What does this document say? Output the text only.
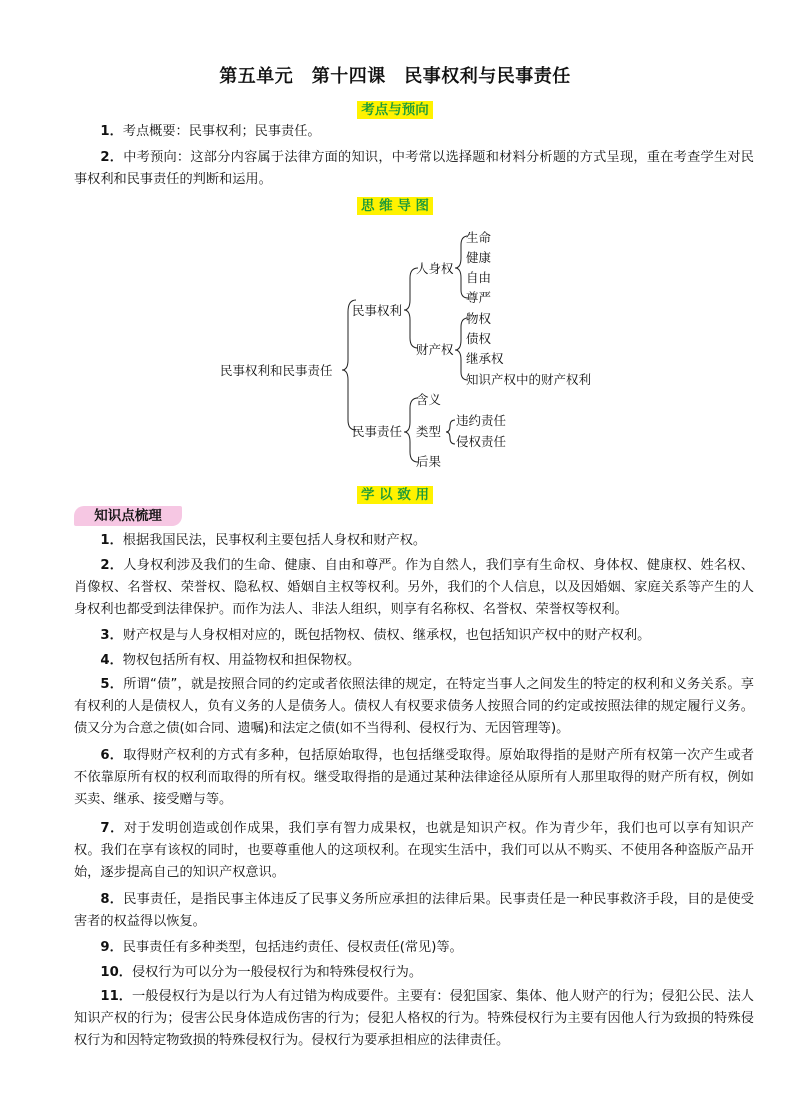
第五单元　第十四课　民事权利与民事责任
考点与预向

1．考点概要：民事权利；民事责任。

2．中考预向：这部分内容属于法律方面的知识，中考常以选择题和材料分析题的方式呈现，重在考查学生对民事权利和民事责任的判断和运用。

思 维 导 图
民事权利和民事责任
民事权利
人身权
生命
健康
自由
尊严
财产权
物权
债权
继承权
知识产权中的财产权利
民事责任
含义
类型
违约责任
侵权责任
后果
学 以 致 用
知识点梳理

1．根据我国民法，民事权利主要包括人身权和财产权。

2．人身权利涉及我们的生命、健康、自由和尊严。作为自然人，我们享有生命权、身体权、健康权、姓名权、肖像权、名誉权、荣誉权、隐私权、婚姻自主权等权利。另外，我们的个人信息，以及因婚姻、家庭关系等产生的人身权利也都受到法律保护。而作为法人、非法人组织，则享有名称权、名誉权、荣誉权等权利。

3．财产权是与人身权相对应的，既包括物权、债权、继承权，也包括知识产权中的财产权利。

4．物权包括所有权、用益物权和担保物权。

5．所谓“债”，就是按照合同的约定或者依照法律的规定，在特定当事人之间发生的特定的权利和义务关系。享有权利的人是债权人，负有义务的人是债务人。债权人有权要求债务人按照合同的约定或按照法律的规定履行义务。债又分为合意之债(如合同、遗嘱)和法定之债(如不当得利、侵权行为、无因管理等)。

6．取得财产权利的方式有多种，包括原始取得，也包括继受取得。原始取得指的是财产所有权第一次产生或者不依靠原所有权的权利而取得的所有权。继受取得指的是通过某种法律途径从原所有人那里取得的财产所有权，例如买卖、继承、接受赠与等。

7．对于发明创造或创作成果，我们享有智力成果权，也就是知识产权。作为青少年，我们也可以享有知识产权。我们在享有该权的同时，也要尊重他人的这项权利。在现实生活中，我们可以从不购买、不使用各种盗版产品开始，逐步提高自己的知识产权意识。

8．民事责任，是指民事主体违反了民事义务所应承担的法律后果。民事责任是一种民事救济手段，目的是使受害者的权益得以恢复。

9．民事责任有多种类型，包括违约责任、侵权责任(常见)等。

10．侵权行为可以分为一般侵权行为和特殊侵权行为。

11．一般侵权行为是以行为人有过错为构成要件。主要有：侵犯国家、集体、他人财产的行为；侵犯公民、法人知识产权的行为；侵害公民身体造成伤害的行为；侵犯人格权的行为。特殊侵权行为主要有因他人行为致损的特殊侵权行为和因特定物致损的特殊侵权行为。侵权行为要承担相应的法律责任。
